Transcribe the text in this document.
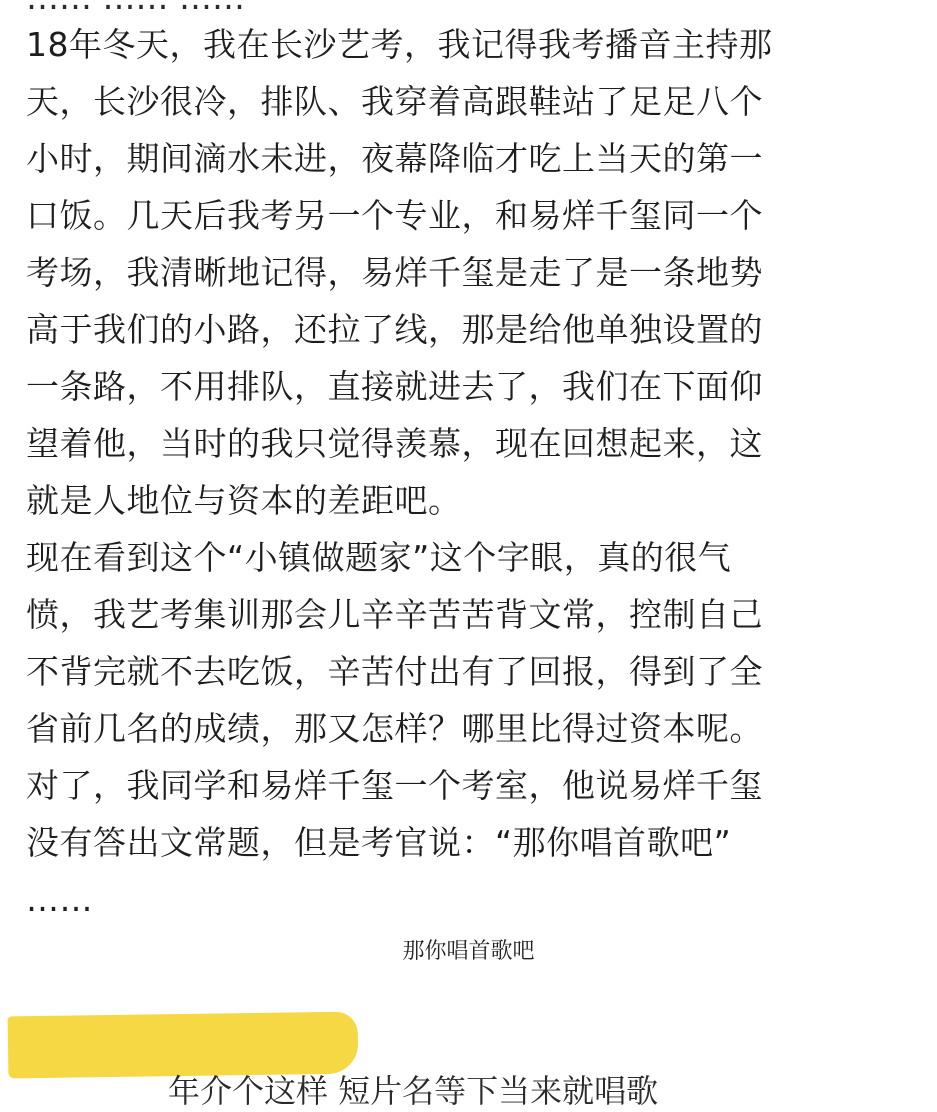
18年冬天，我在长沙艺考，我记得我考播音主持那
天，长沙很冷，排队、我穿着高跟鞋站了足足八个
小时，期间滴水未进，夜幕降临才吃上当天的第一
口饭。几天后我考另一个专业，和易烊千玺同一个
考场，我清晰地记得，易烊千玺是走了是一条地势
高于我们的小路，还拉了线，那是给他单独设置的
一条路，不用排队，直接就进去了，我们在下面仰
望着他，当时的我只觉得羡慕，现在回想起来，这
就是人地位与资本的差距吧。

现在看到这个“小镇做题家”这个字眼，真的很气
愤，我艺考集训那会儿辛辛苦苦背文常，控制自己
不背完就不去吃饭，辛苦付出有了回报，得到了全
省前几名的成绩，那又怎样？哪里比得过资本呢。
对了，我同学和易烊千玺一个考室，他说易烊千玺
没有答出文常题，但是考官说：“那你唱首歌吧”
……

那你唱首歌吧
年介个这样 短片名等下当来就唱歌
